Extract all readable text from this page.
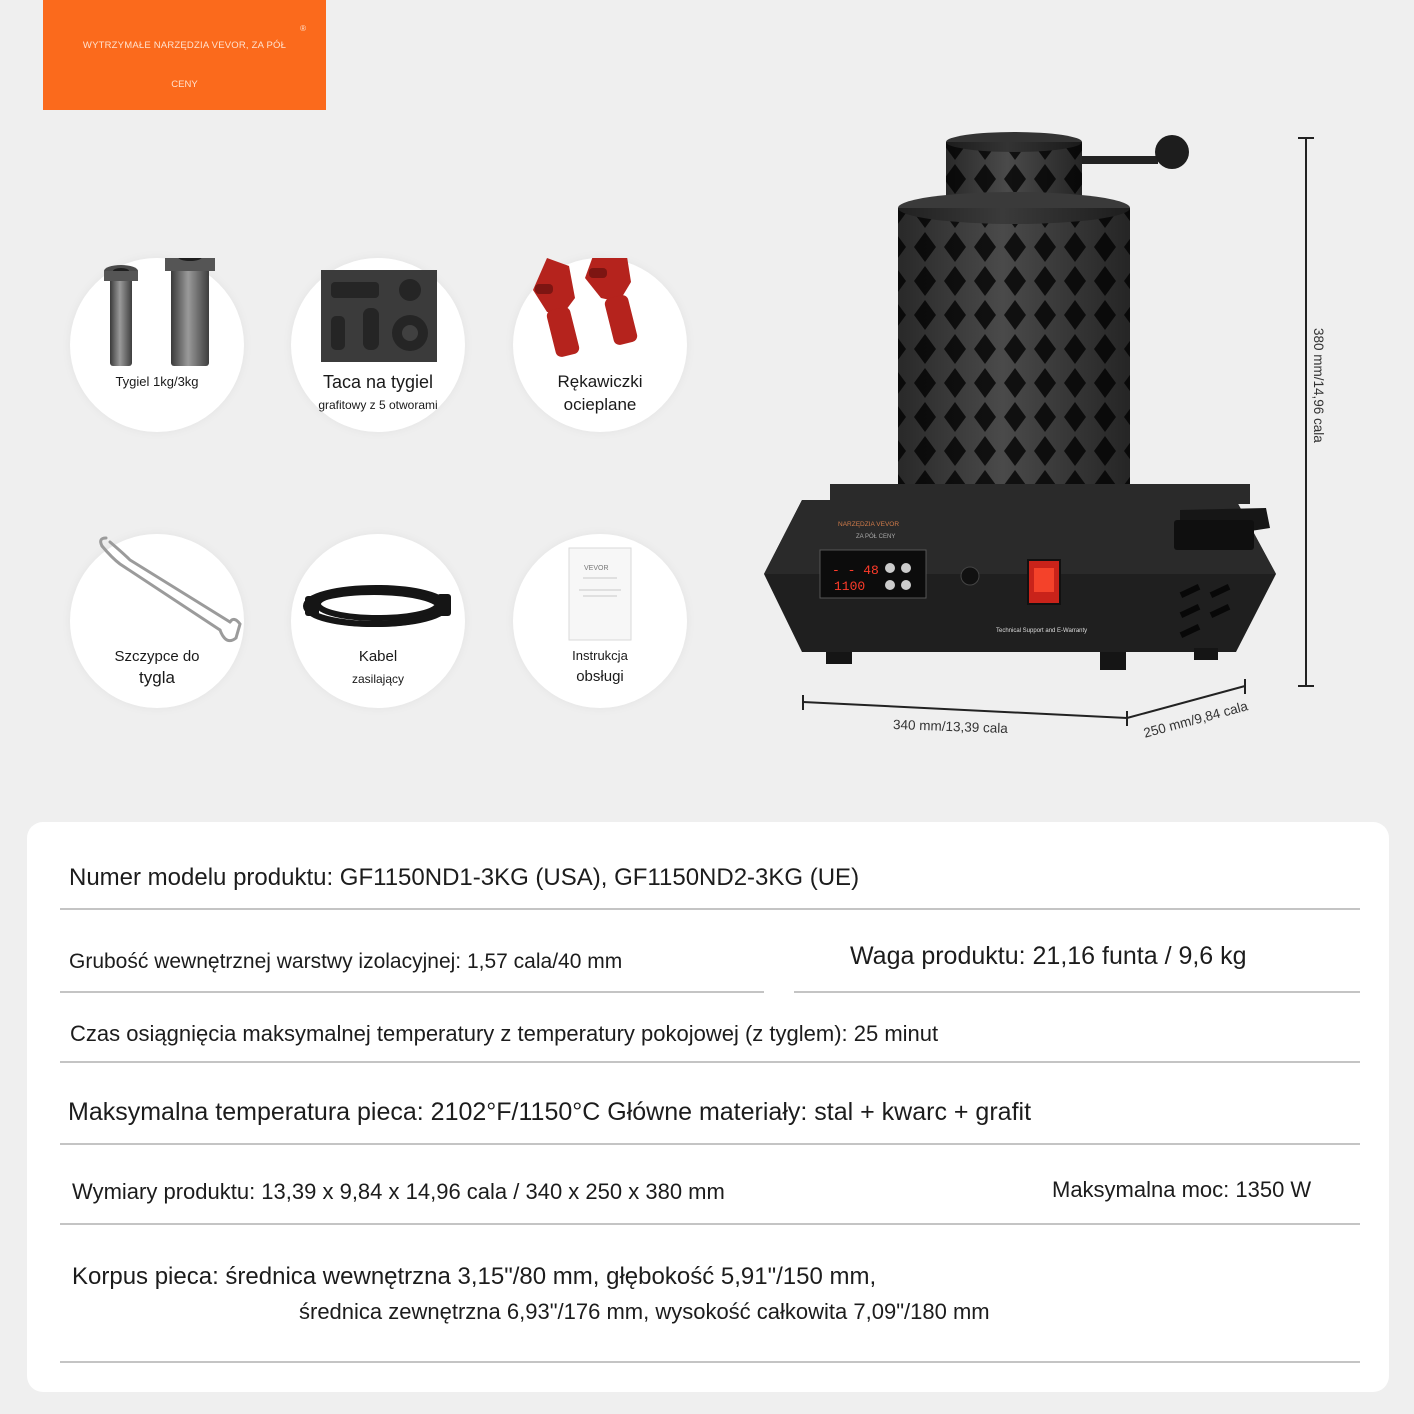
WYTRZYMAŁE NARZĘDZIA VEVOR, ZA PÓŁ
CENY
®
Tygiel 1kg/3kg	Taca na tygiel
grafitowy z 5 otworami
Rękawiczki
ocieplane
Szczypce do
tygla
Kabel
zasilający
VEVOR
Instrukcja
obsługi
NARZĘDZIA VEVOR
ZA PÓŁ CENY
- - 48
1100
Technical Support and E-Warranty
380 mm/14,96 cala
340 mm/13,39 cala	250 mm/9,84 cala
Numer modelu produktu: GF1150ND1-3KG (USA), GF1150ND2-3KG (UE)
Grubość wewnętrznej warstwy izolacyjnej: 1,57 cala/40 mm	Waga produktu: 21,16 funta / 9,6 kg
Czas osiągnięcia maksymalnej temperatury z temperatury pokojowej (z tyglem): 25 minut
Maksymalna temperatura pieca: 2102°F/1150°C Główne materiały: stal + kwarc + grafit
Wymiary produktu: 13,39 x 9,84 x 14,96 cala / 340 x 250 x 380 mm	Maksymalna moc: 1350 W
Korpus pieca: średnica wewnętrzna 3,15"/80 mm, głębokość 5,91"/150 mm,
średnica zewnętrzna 6,93"/176 mm, wysokość całkowita 7,09"/180 mm
